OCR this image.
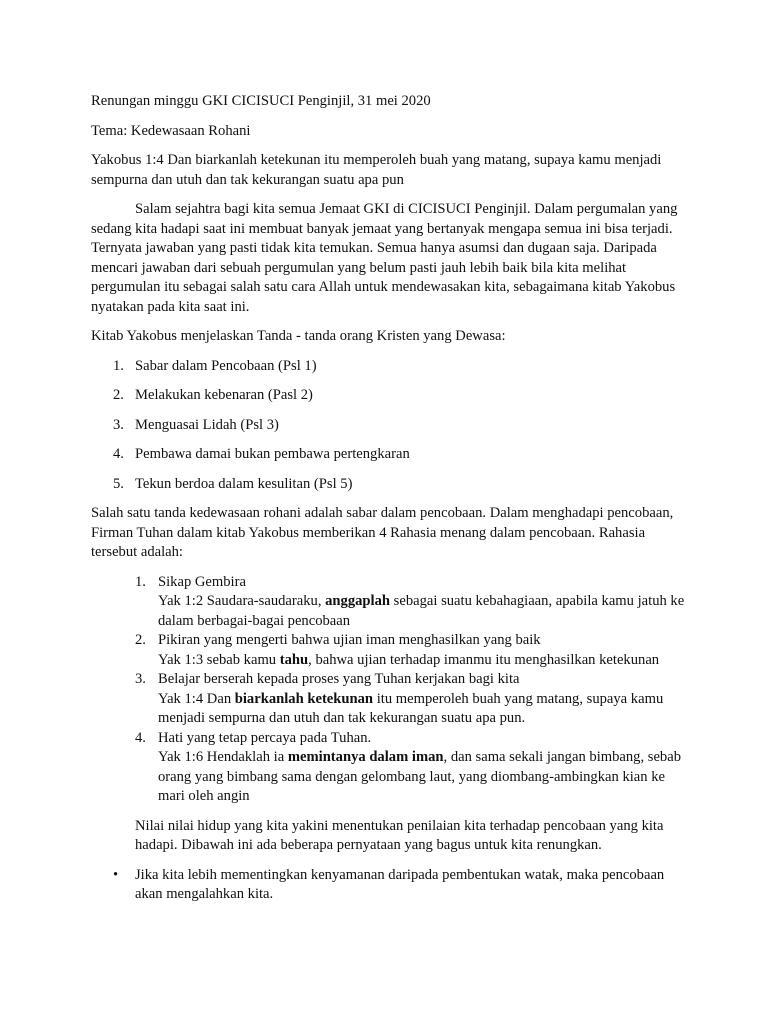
Renungan minggu GKI CICISUCI Penginjil, 31 mei 2020

Tema: Kedewasaan Rohani

Yakobus 1:4 Dan biarkanlah ketekunan itu memperoleh buah yang matang, supaya kamu menjadi sempurna dan utuh dan tak kekurangan suatu apa pun

Salam sejahtra bagi kita semua Jemaat GKI di CICISUCI Penginjil. Dalam pergumalan yang sedang kita hadapi saat ini membuat banyak jemaat yang bertanyak mengapa semua ini bisa terjadi. Ternyata jawaban yang pasti tidak kita temukan. Semua hanya asumsi dan dugaan saja. Daripada mencari jawaban dari sebuah pergumulan yang belum pasti jauh lebih baik bila kita melihat pergumulan itu sebagai salah satu cara Allah untuk mendewasakan kita, sebagaimana kitab Yakobus nyatakan pada kita saat ini.

Kitab Yakobus menjelaskan Tanda - tanda orang Kristen yang Dewasa:

1. Sabar dalam Pencobaan (Psl 1)
2. Melakukan kebenaran (Pasl 2)
3. Menguasai Lidah (Psl 3)
4. Pembawa damai bukan pembawa pertengkaran
5. Tekun berdoa dalam kesulitan (Psl 5)

Salah satu tanda kedewasaan rohani adalah sabar dalam pencobaan. Dalam menghadapi pencobaan, Firman Tuhan dalam kitab Yakobus memberikan 4 Rahasia menang dalam pencobaan. Rahasia tersebut adalah:

1. Sikap Gembira
Yak 1:2 Saudara-saudaraku, anggaplah sebagai suatu kebahagiaan, apabila kamu jatuh ke dalam berbagai-bagai pencobaan
2. Pikiran yang mengerti bahwa ujian iman menghasilkan yang baik
Yak 1:3 sebab kamu tahu, bahwa ujian terhadap imanmu itu menghasilkan ketekunan
3. Belajar berserah kepada proses yang Tuhan kerjakan bagi kita
Yak 1:4 Dan biarkanlah ketekunan itu memperoleh buah yang matang, supaya kamu menjadi sempurna dan utuh dan tak kekurangan suatu apa pun.
4. Hati yang tetap percaya pada Tuhan.
Yak 1:6 Hendaklah ia memintanya dalam iman, dan sama sekali jangan bimbang, sebab orang yang bimbang sama dengan gelombang laut, yang diombang-ambingkan kian ke mari oleh angin
Nilai nilai hidup yang kita yakini menentukan penilaian kita terhadap pencobaan yang kita hadapi. Dibawah ini ada beberapa pernyataan yang bagus untuk kita renungkan.
• Jika kita lebih mementingkan kenyamanan daripada pembentukan watak, maka pencobaan akan mengalahkan kita.
